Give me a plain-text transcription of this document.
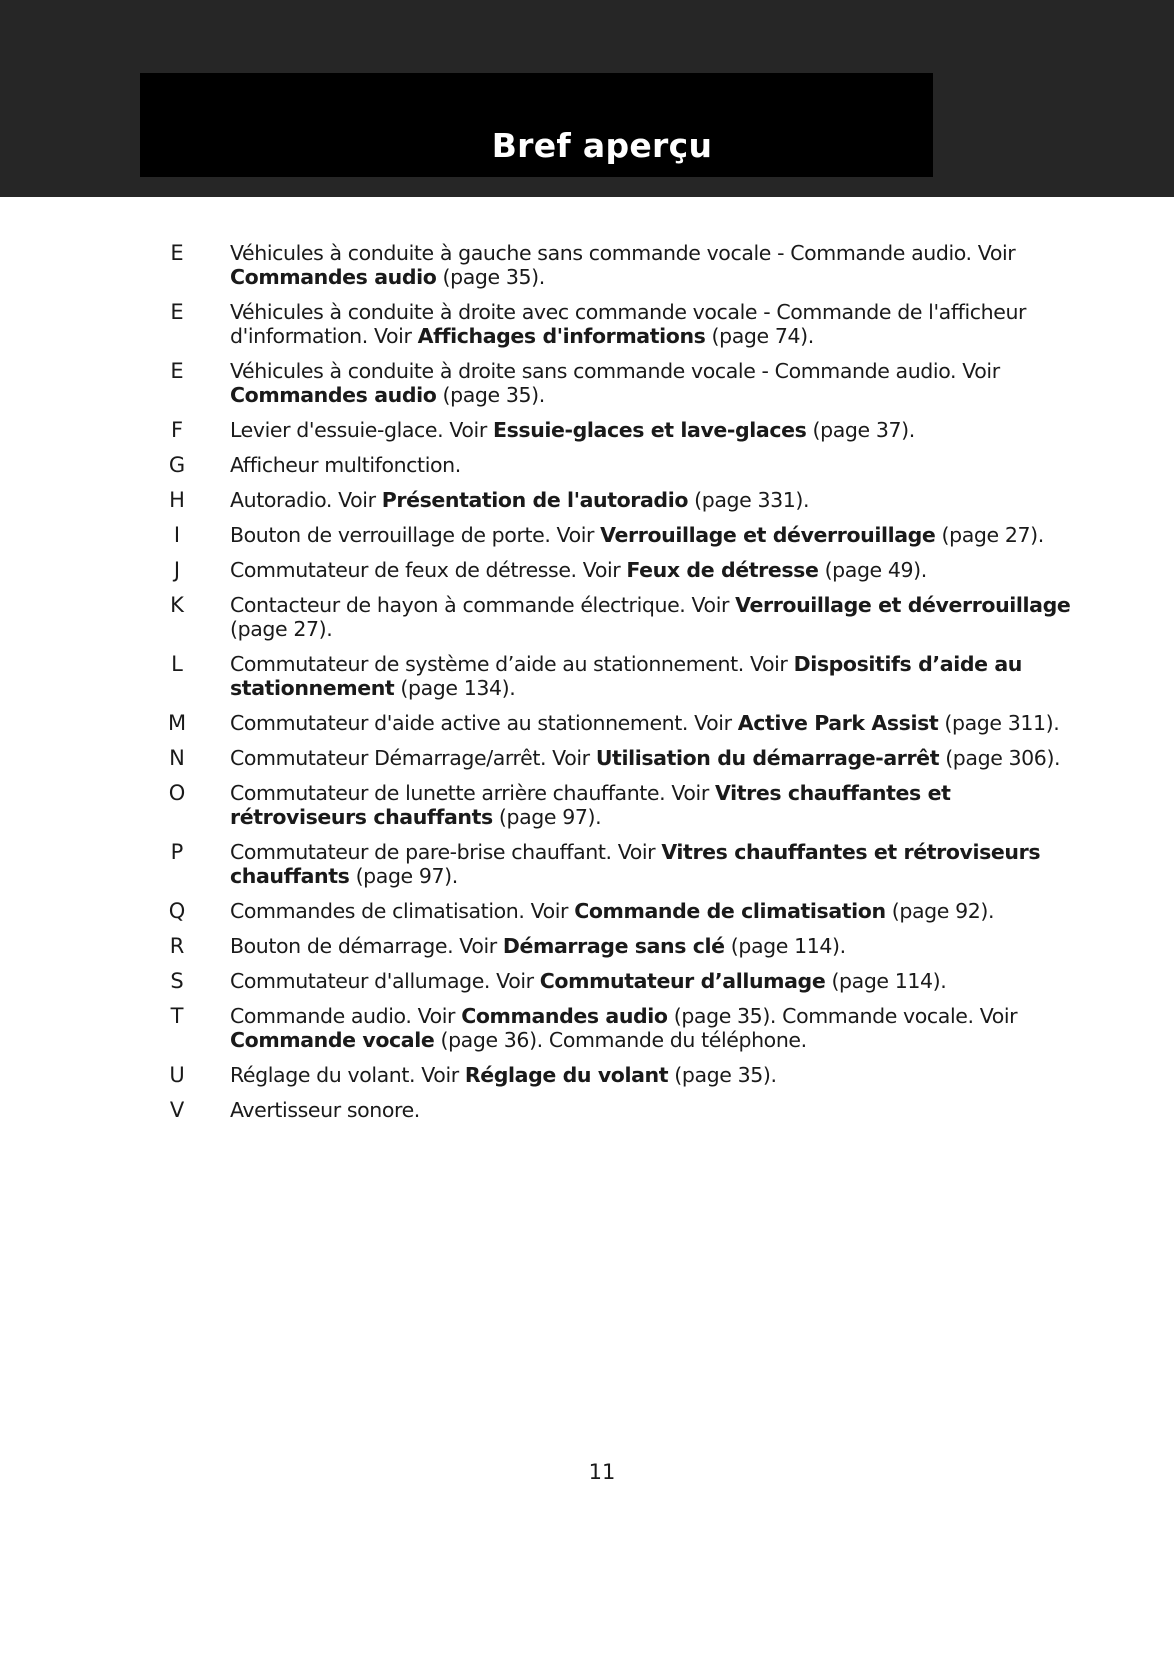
Bref aperçu
E	Véhicules à conduite à gauche sans commande vocale - Commande audio. Voir Commandes audio (page 35).
E	Véhicules à conduite à droite avec commande vocale - Commande de l'afficheur d'information. Voir Affichages d'informations (page 74).
E	Véhicules à conduite à droite sans commande vocale - Commande audio. Voir Commandes audio (page 35).
F	Levier d'essuie-glace. Voir Essuie-glaces et lave-glaces (page 37).
G	Afficheur multifonction.
H	Autoradio. Voir Présentation de l'autoradio (page 331).
I	Bouton de verrouillage de porte. Voir Verrouillage et déverrouillage (page 27).
J	Commutateur de feux de détresse. Voir Feux de détresse (page 49).
K	Contacteur de hayon à commande électrique. Voir Verrouillage et déverrouillage (page 27).
L	Commutateur de système d’aide au stationnement. Voir Dispositifs d’aide au stationnement (page 134).
M	Commutateur d'aide active au stationnement. Voir Active Park Assist (page 311).
N	Commutateur Démarrage/arrêt. Voir Utilisation du démarrage-arrêt (page 306).
O	Commutateur de lunette arrière chauffante. Voir Vitres chauffantes et rétroviseurs chauffants (page 97).
P	Commutateur de pare-brise chauffant. Voir Vitres chauffantes et rétroviseurs chauffants (page 97).
Q	Commandes de climatisation. Voir Commande de climatisation (page 92).
R	Bouton de démarrage. Voir Démarrage sans clé (page 114).
S	Commutateur d'allumage. Voir Commutateur d’allumage (page 114).
T	Commande audio. Voir Commandes audio (page 35). Commande vocale. Voir Commande vocale (page 36). Commande du téléphone.
U	Réglage du volant. Voir Réglage du volant (page 35).
V	Avertisseur sonore.
11
